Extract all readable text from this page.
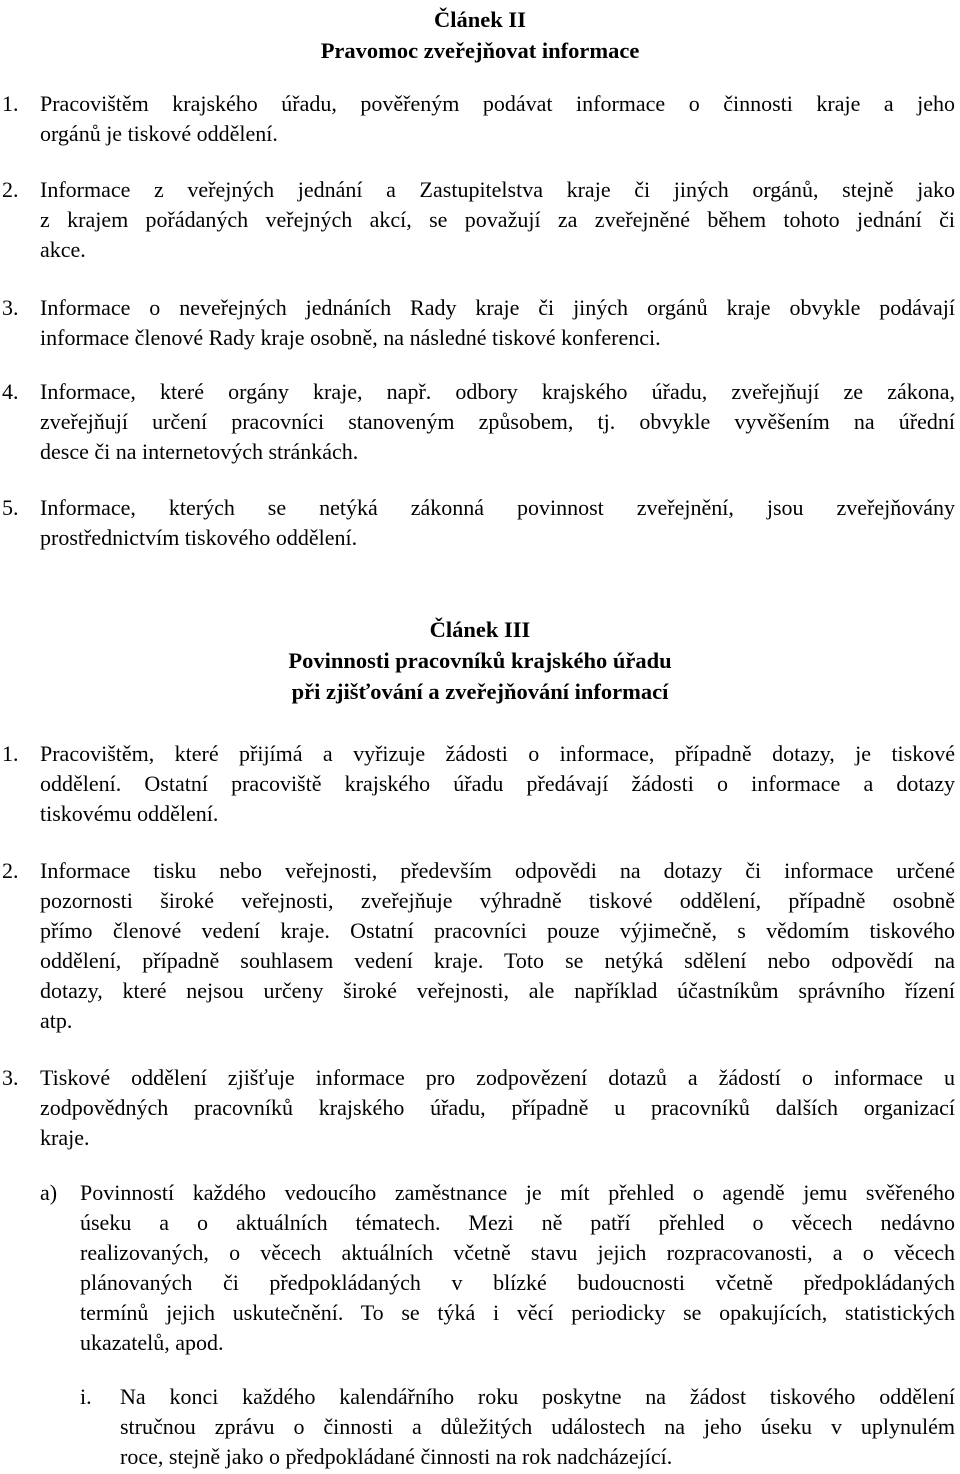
Článek II
Pravomoc zveřejňovat informace
1. Pracovištěm krajského úřadu, pověřeným podávat informace o činnosti kraje a jeho
orgánů je tiskové oddělení.
2. Informace z veřejných jednání a Zastupitelstva kraje či jiných orgánů, stejně jako
z krajem pořádaných veřejných akcí, se považují za zveřejněné během tohoto jednání či
akce.
3. Informace o neveřejných jednáních Rady kraje či jiných orgánů kraje obvykle podávají
informace členové Rady kraje osobně, na následné tiskové konferenci.
4. Informace, které orgány kraje, např. odbory krajského úřadu, zveřejňují ze zákona,
zveřejňují určení pracovníci stanoveným způsobem, tj. obvykle vyvěšením na úřední
desce či na internetových stránkách.
5. Informace, kterých se netýká zákonná povinnost zveřejnění, jsou zveřejňovány
prostřednictvím tiskového oddělení.
Článek III
Povinnosti pracovníků krajského úřadu
při zjišťování a zveřejňování informací
1. Pracovištěm, které přijímá a vyřizuje žádosti o informace, případně dotazy, je tiskové
oddělení. Ostatní pracoviště krajského úřadu předávají žádosti o informace a dotazy
tiskovému oddělení.
2. Informace tisku nebo veřejnosti, především odpovědi na dotazy či informace určené
pozornosti široké veřejnosti, zveřejňuje výhradně tiskové oddělení, případně osobně
přímo členové vedení kraje. Ostatní pracovníci pouze výjimečně, s vědomím tiskového
oddělení, případně souhlasem vedení kraje. Toto se netýká sdělení nebo odpovědí na
dotazy, které nejsou určeny široké veřejnosti, ale například účastníkům správního řízení
atp.
3. Tiskové oddělení zjišťuje informace pro zodpovězení dotazů a žádostí o informace u
zodpovědných pracovníků krajského úřadu, případně u pracovníků dalších organizací
kraje.
a) Povinností každého vedoucího zaměstnance je mít přehled o agendě jemu svěřeného
úseku a o aktuálních tématech. Mezi ně patří přehled o věcech nedávno
realizovaných, o věcech aktuálních včetně stavu jejich rozpracovanosti, a o věcech
plánovaných či předpokládaných v blízké budoucnosti včetně předpokládaných
termínů jejich uskutečnění. To se týká i věcí periodicky se opakujících, statistických
ukazatelů, apod.
i. Na konci každého kalendářního roku poskytne na žádost tiskového oddělení
stručnou zprávu o činnosti a důležitých událostech na jeho úseku v uplynulém
roce, stejně jako o předpokládané činnosti na rok nadcházející.
